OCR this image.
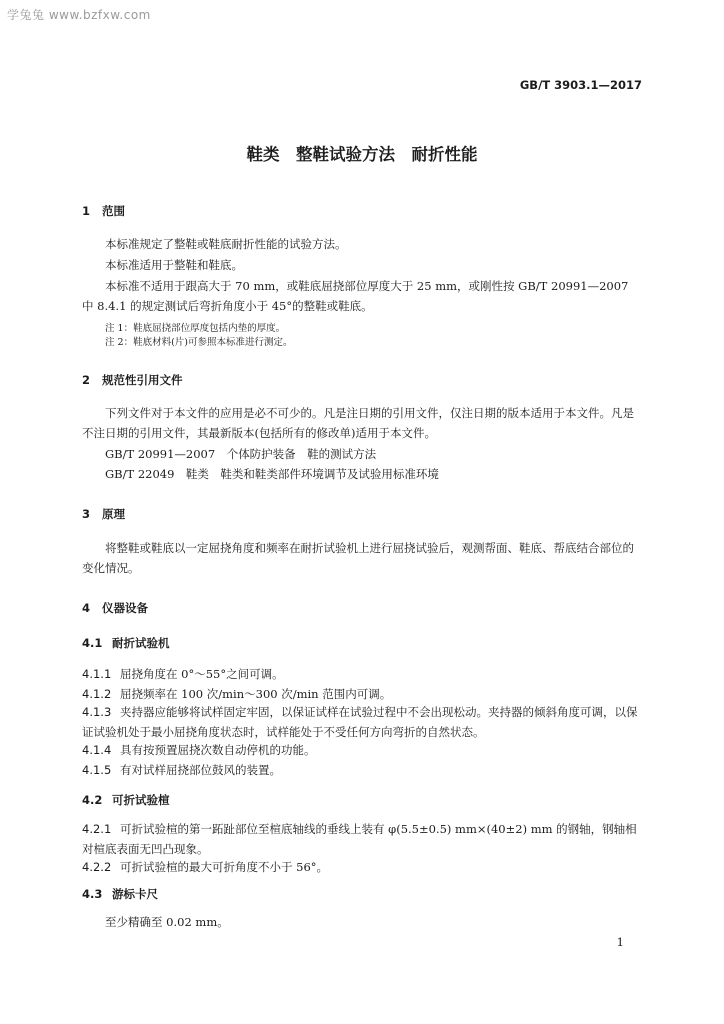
学兔兔 www.bzfxw.com
GB/T 3903.1—2017
鞋类　整鞋试验方法　耐折性能
1 范围
本标准规定了整鞋或鞋底耐折性能的试验方法。
本标准适用于整鞋和鞋底。
本标准不适用于跟高大于 70 mm，或鞋底屈挠部位厚度大于 25 mm，或刚性按 GB/T 20991—2007
中 8.4.1 的规定测试后弯折角度小于 45°的整鞋或鞋底。
注 1：鞋底屈挠部位厚度包括内垫的厚度。
注 2：鞋底材料(片)可参照本标准进行测定。
2 规范性引用文件
下列文件对于本文件的应用是必不可少的。凡是注日期的引用文件，仅注日期的版本适用于本文件。凡是不注日期的引用文件，其最新版本(包括所有的修改单)适用于本文件。
GB/T 20991—2007　个体防护装备　鞋的测试方法
GB/T 22049　鞋类　鞋类和鞋类部件环境调节及试验用标准环境
3 原理
将整鞋或鞋底以一定屈挠角度和频率在耐折试验机上进行屈挠试验后，观测帮面、鞋底、帮底结合部位的变化情况。
4 仪器设备
4.1 耐折试验机
4.1.1 屈挠角度在 0°～55°之间可调。
4.1.2 屈挠频率在 100 次/min～300 次/min 范围内可调。
4.1.3 夹持器应能够将试样固定牢固，以保证试样在试验过程中不会出现松动。夹持器的倾斜角度可调，以保证试验机处于最小屈挠角度状态时，试样能处于不受任何方向弯折的自然状态。
4.1.4 具有按预置屈挠次数自动停机的功能。
4.1.5 有对试样屈挠部位鼓风的装置。
4.2 可折试验楦
4.2.1 可折试验楦的第一跖趾部位至楦底轴线的垂线上装有 φ(5.5±0.5) mm×(40±2) mm 的钢轴，钢轴相对楦底表面无凹凸现象。
4.2.2 可折试验楦的最大可折角度不小于 56°。
4.3 游标卡尺
至少精确至 0.02 mm。
1
